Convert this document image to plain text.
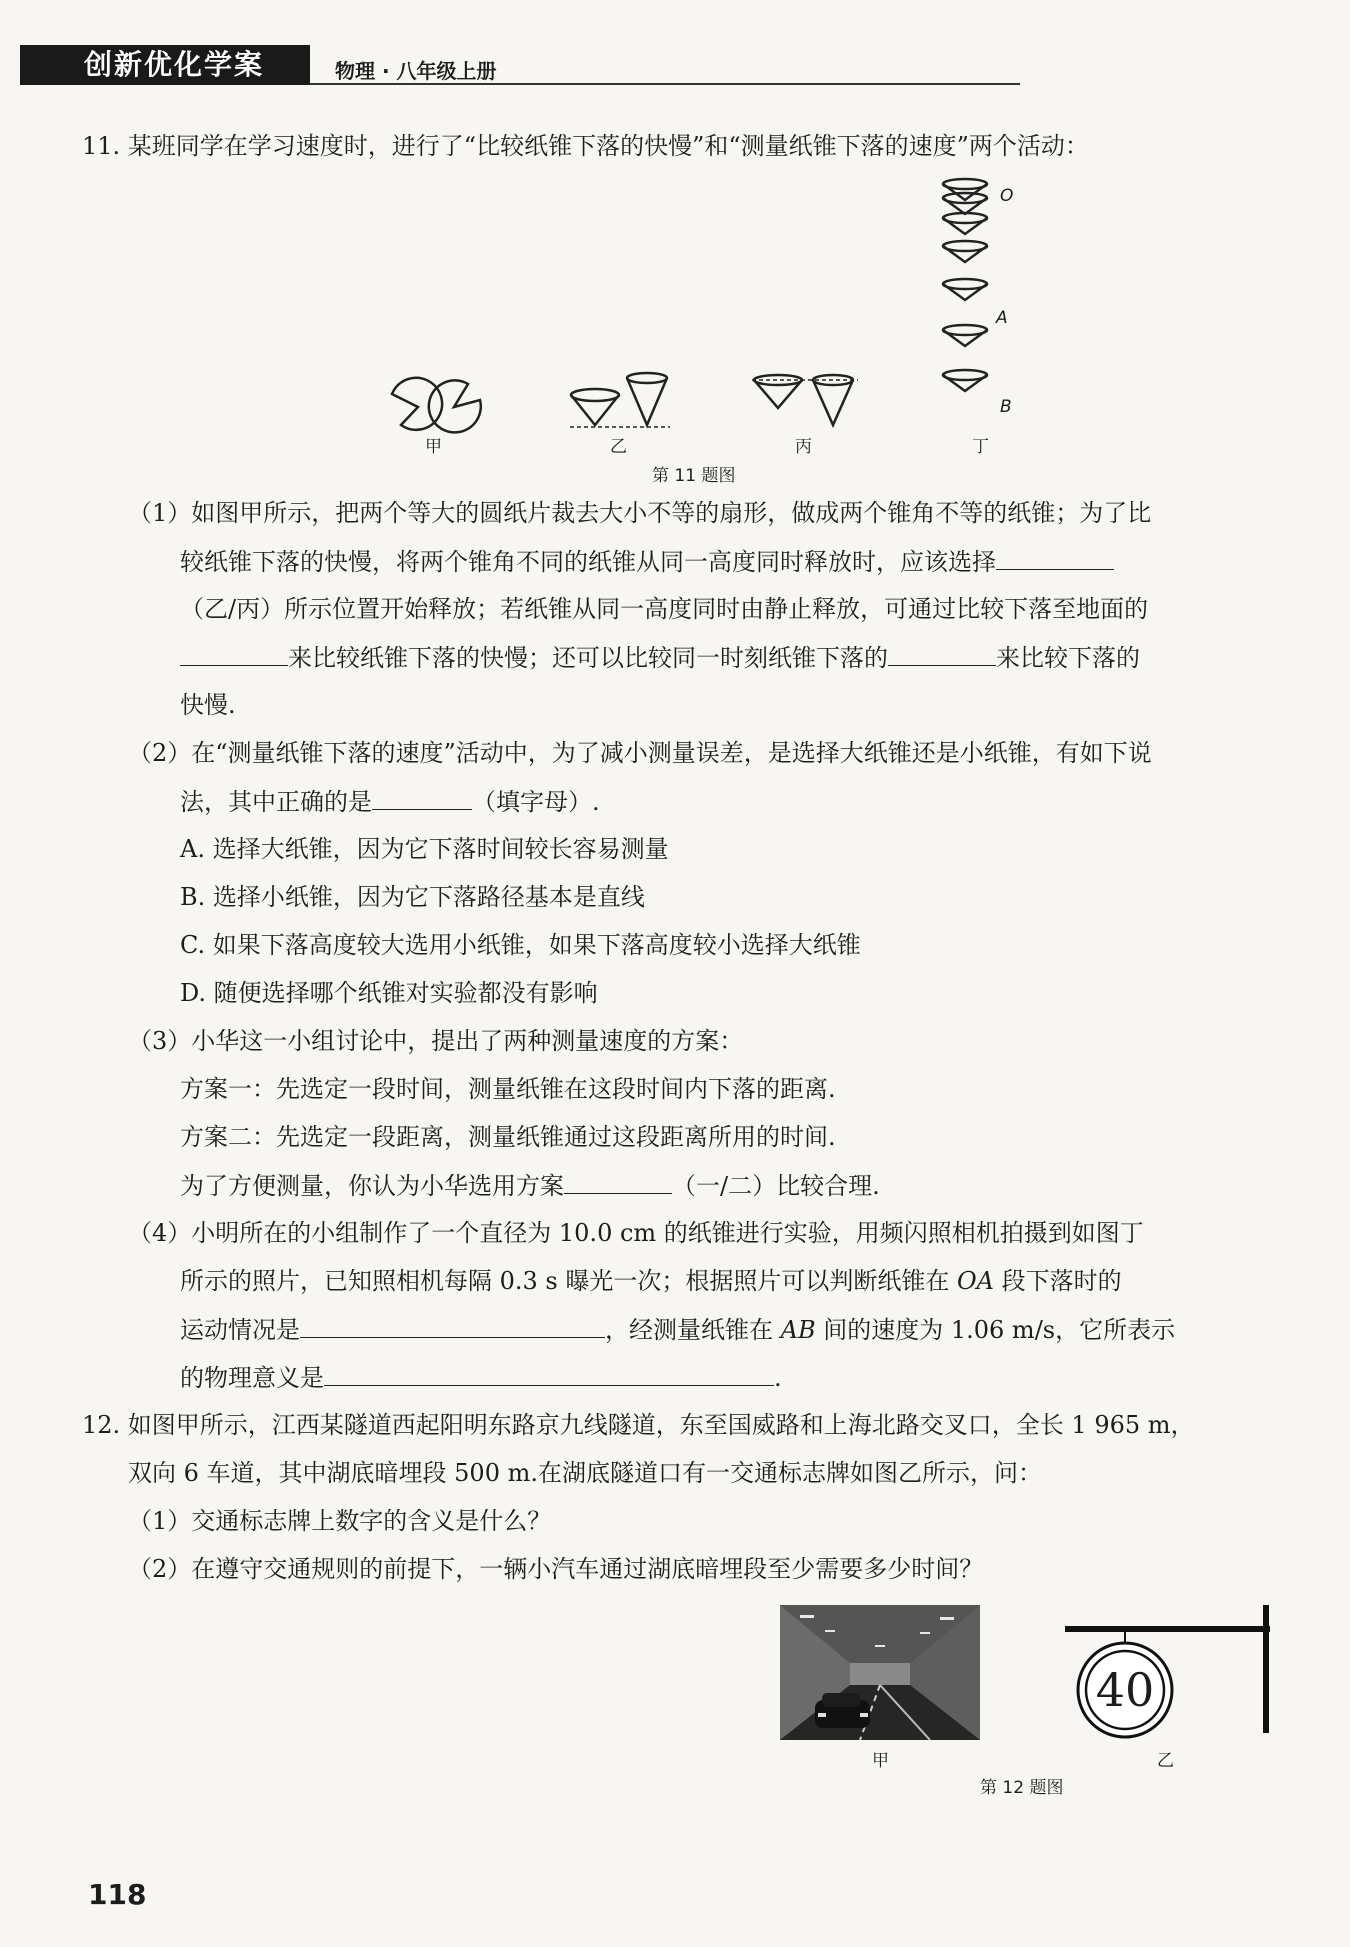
创新优化学案	物理 · 八年级上册
11. 某班同学在学习速度时，进行了“比较纸锥下落的快慢”和“测量纸锥下落的速度”两个活动：
O
A
B
甲	乙	丙	丁
第 11 题图
（1）如图甲所示，把两个等大的圆纸片裁去大小不等的扇形，做成两个锥角不等的纸锥；为了比
较纸锥下落的快慢，将两个锥角不同的纸锥从同一高度同时释放时，应该选择
（乙/丙）所示位置开始释放；若纸锥从同一高度同时由静止释放，可通过比较下落至地面的
来比较纸锥下落的快慢；还可以比较同一时刻纸锥下落的	来比较下落的
快慢.
（2）在“测量纸锥下落的速度”活动中，为了减小测量误差，是选择大纸锥还是小纸锥，有如下说
法，其中正确的是	（填字母）.
A. 选择大纸锥，因为它下落时间较长容易测量
B. 选择小纸锥，因为它下落路径基本是直线
C. 如果下落高度较大选用小纸锥，如果下落高度较小选择大纸锥
D. 随便选择哪个纸锥对实验都没有影响
（3）小华这一小组讨论中，提出了两种测量速度的方案：
方案一：先选定一段时间，测量纸锥在这段时间内下落的距离.
方案二：先选定一段距离，测量纸锥通过这段距离所用的时间.
为了方便测量，你认为小华选用方案	（一/二）比较合理.
（4）小明所在的小组制作了一个直径为 10.0 cm 的纸锥进行实验，用频闪照相机拍摄到如图丁
所示的照片，已知照相机每隔 0.3 s 曝光一次；根据照片可以判断纸锥在 OA 段下落时的
运动情况是	，经测量纸锥在 AB 间的速度为 1.06 m/s，它所表示
的物理意义是	.
12. 如图甲所示，江西某隧道西起阳明东路京九线隧道，东至国威路和上海北路交叉口，全长 1 965 m，
双向 6 车道，其中湖底暗埋段 500 m.在湖底隧道口有一交通标志牌如图乙所示，问：
（1）交通标志牌上数字的含义是什么？
（2）在遵守交通规则的前提下，一辆小汽车通过湖底暗埋段至少需要多少时间？
甲
40
乙
第 12 题图
118
